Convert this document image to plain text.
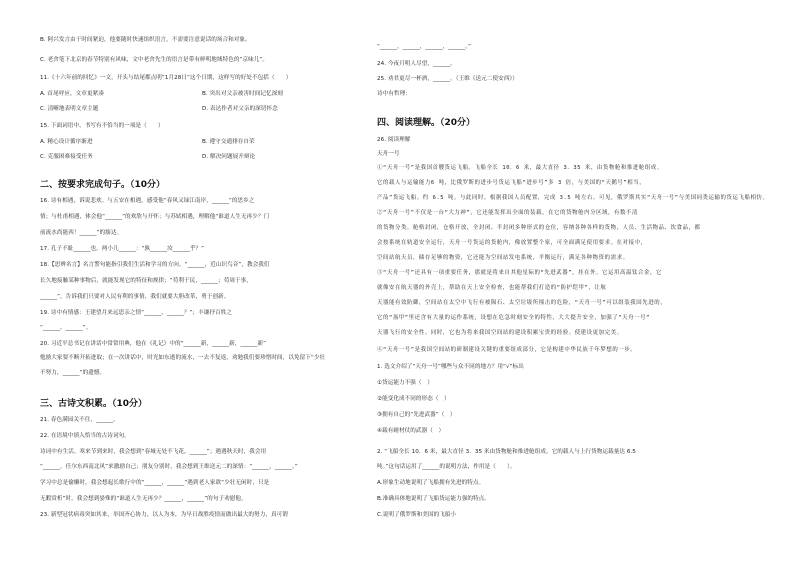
B. 阿兴发言由于时间紧迫，他要随时快速组织语言，不需要注意说话的场合和对象。
C. 老舍笔下北京的春节特别有风味，文中老舍先生的语言是带有鲜明地域特色的“京味儿”。
11.《十六年前的回忆》一文，开头与结尾都点明“1月28日”这个日期，这样写的好处不包括（　　）
A. 首尾呼应，文章更紧凑	B. 突出对父亲被害时间记忆深刻
C. 清晰地表明文章主题	D. 表达作者对父亲的深切怀念
15. 下面词语中，书写有不恰当的一项是（　　）
A. 精心设计循序渐进	B. 遵守交通排存自荣
C. 克服困难接受任务	D. 解决问题展开辩论
二、按要求完成句子。（10分）
16. 诗有相遇，诉说悲欢。与五安在相遇，感受他“春风又绿江南岸，______”的思乡之
情；与杜甫相遇，体会他“______”的欢欣与开怀；与苏轼相遇，理解他“谁道人生无再少？门
前流水尚能西！______”的豁达。
17. 孔子不耻______也，两小儿______：“孰______汝______乎？”
18.【思辨名言】名言警句能指引我们生活和学习的方向。“______，近山识鸟音”，教会我们
长久地接触某种事物后，就能发现它的特征和规律；“苟利于民，______；苟周于事，
______”，告诉我们只要对人民有利的事情，我们就要大胆改革，勇于创新。
19. 诗中有情感：王建望月来远思亲之情“______，______？”；丰谦抒百姓之
“______，______”。
20. 习近平总书记在讲话中常常用典，他在《礼记》中的“______新，______新，______新”
勉励大家要不断开拓进取；在一次讲话中，时光如东逝的流水，一去不复返，劝勉我们要珍惜时间，以免留下“少壮
不努力，______”的遗憾。
三、古诗文积累。（10分）
21. 春色满园关不住，______。
22. 在语境中填入恰当的古诗词句。
诗词中有生活。寒来节到来时，我会想到“春城无处不飞花，______”；遇遇秋天时，我会用
“______，任尔东西南北风”来激励自己；朋友分别时，我会想到王维送元二的深情：“______，______。”
学习中总是偷懒时，我会想起长歌行中的“______，______”遇到老人家欲“少壮无闲时，只是
无暇赏析”时，我会想到晏殊的“谁道人生无再少？______，______”的句子劝慰他。
23. 新型冠状病毒突如其来，举国齐心协力，以人为本，为早日战胜疫情而做出最大的努力，真可谓
“______，______，______，______。”
24. 今夜月明人尽望，______。
25. 劝君更尽一杯酒，______。（王维《送元二使安西》）
诗中有哲理：
四、阅读理解。（20分）
26. 阅读理解
天舟一号
①“天舟一号”是我国首艘货运飞船。飞船全长 10．6 米，最大直径 3．35 米，由货物舱和推进舱组成。
它的载人与运输能力6 吨，比俄罗斯的进步号货运飞船“进步号”多 3 倍，与美国的“天鹅号”相当，
产品”货运飞船。约 6.5 吨。与此同时，根据我国人员配置，完成 3.5 吨左右。可见，俄罗斯其实“天舟一号”与美国同类运输的货运飞船相仿。
②“天舟一号”不仅是一台“大力神”，它还能发挥出全面的装载，在它的货物舱内分区域，有数不清
的货物分类。舱格封闭，仓格开放，全封闭、半封闭多种形式的仓位，容纳各种各样的货物，人员、生活物品、饮食品，都
会按系统在轨道安全运行，天舟一号货运的货舱内，像放置整个家，可全面满足使用要求。在对接中，
空间站航天员，储存足够的物资，它还能为空间站发电系统，平衡运行，满足各种物资的需求。
③“天舟一号”还具有一项重要任务，那就是将来自其他星际的“先进武器”，挂在外，它运用高温钛合金，它
就像安在航天器的外壳上，帮助在天上安全检查，也能帮我们打造的“防护铠甲”，让航
天器能有效防御，空间站在太空中飞行有被陨石、太空垃圾所撞击的危险，“天舟一号”可以组装我国先进的，
它的“盔甲”里还含有大量的运作系统，设想在危急时刻安全的特性，大大提升安全，加强了“天舟一号”
天器飞行的安全性。同时，它也为将来我国空间站的建设积累宝贵的经验。使建设更加完美。
④“天舟一号”是我国空间站的研制建设关键的重要组成部分，它是构建中华民族千年梦想的一步。
1. 选文介绍了“天舟一号”哪些与众不同的地方？用“√”标出
①货运能力不强（　）
②能变化成不同的形态（　）
③拥有自己的“先进武器”（　）
④载有耐材仗的武器（　）
2. “飞船全长 10．6 米，最大直径 3．35 米由货物舱和推进舱组成。它的载人与上行货物运载量达 6.5
吨。”这句话运用了______的说明方法，作用是（　　）。
A.形象生动地说明了飞船拥有先进的特点。
B.准确具体地说明了飞船货运能力强的特点。
C.说明了俄罗斯和美国的飞船小
